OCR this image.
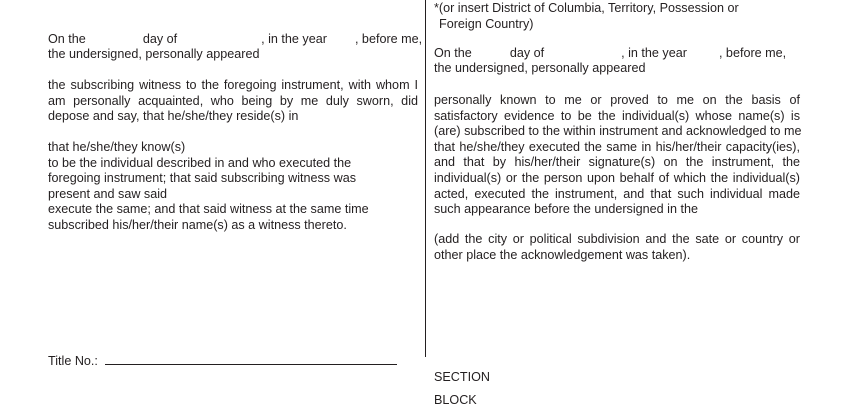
On the	day of	, in the year , before me,
the undersigned, personally appeared
the subscribing witness to the foregoing instrument, with whom I
am personally acquainted, who being by me duly sworn, did
depose and say, that he/she/they reside(s) in
that he/she/they know(s)
to be the individual described in and who executed the
foregoing instrument; that said subscribing witness was
present and saw said
execute the same; and that said witness at the same time
subscribed his/her/their name(s) as a witness thereto.
Title No.:
*(or insert District of Columbia, Territory, Possession or
Foreign Country)
On the	day of	, in the year	, before me,
the undersigned, personally appeared
personally known to me or proved to me on the basis of
satisfactory evidence to be the individual(s) whose name(s) is
(are) subscribed to the within instrument and acknowledged to me
that he/she/they executed the same in his/her/their capacity(ies),
and that by his/her/their signature(s) on the instrument, the
individual(s) or the person upon behalf of which the individual(s)
acted, executed the instrument, and that such individual made
such appearance before the undersigned in the
(add the city or political subdivision and the sate or country or
other place the acknowledgement was taken).
SECTION
BLOCK
